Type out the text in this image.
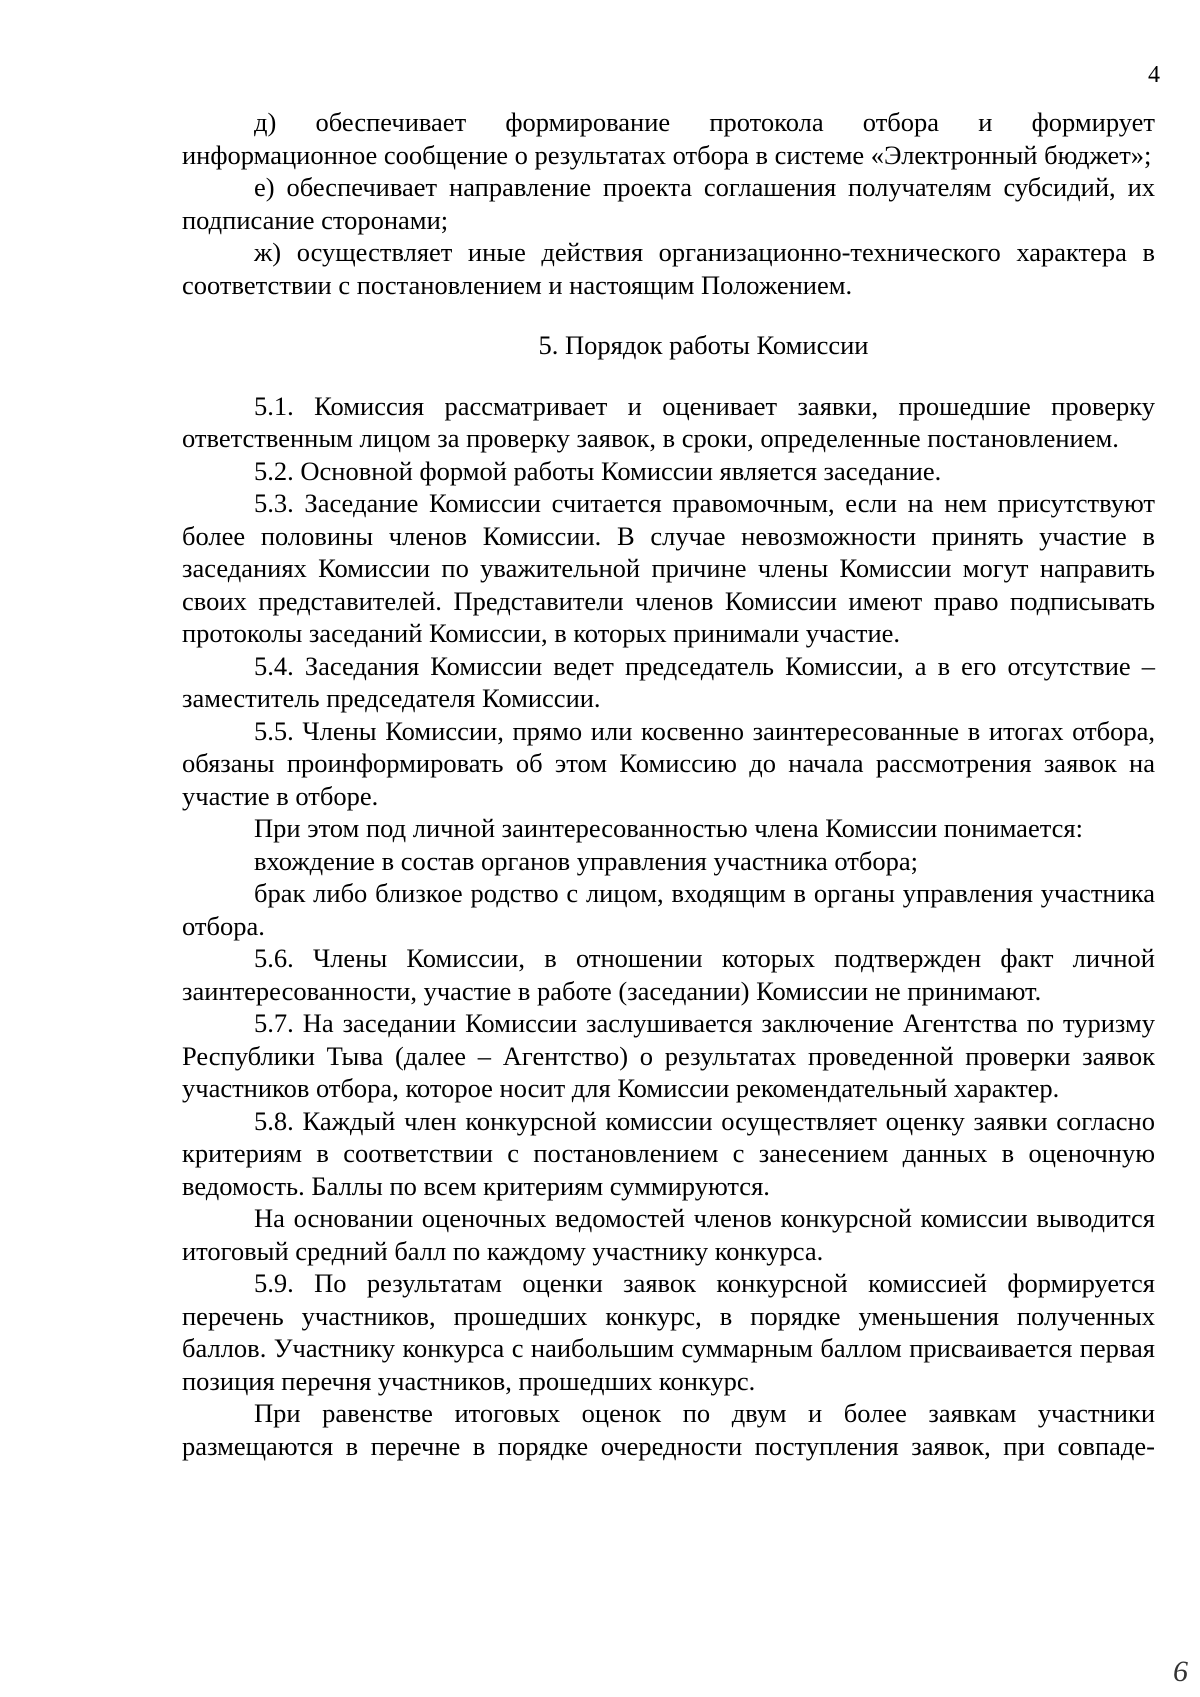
4

д) обеспечивает формирование протокола отбора и формирует информационное сообщение о результатах отбора в системе «Электронный бюджет»;

е) обеспечивает направление проекта соглашения получателям субсидий, их подписание сторонами;

ж) осуществляет иные действия организационно-технического характера в соответствии с постановлением и настоящим Положением.

5. Порядок работы Комиссии

5.1. Комиссия рассматривает и оценивает заявки, прошедшие проверку ответственным лицом за проверку заявок, в сроки, определенные постановлением.

5.2. Основной формой работы Комиссии является заседание.

5.3. Заседание Комиссии считается правомочным, если на нем присутствуют более половины членов Комиссии. В случае невозможности принять участие в заседаниях Комиссии по уважительной причине члены Комиссии могут направить своих представителей. Представители членов Комиссии имеют право подписывать протоколы заседаний Комиссии, в которых принимали участие.

5.4. Заседания Комиссии ведет председатель Комиссии, а в его отсутствие – заместитель председателя Комиссии.

5.5. Члены Комиссии, прямо или косвенно заинтересованные в итогах отбора, обязаны проинформировать об этом Комиссию до начала рассмотрения заявок на участие в отборе.

При этом под личной заинтересованностью члена Комиссии понимается:

вхождение в состав органов управления участника отбора;

брак либо близкое родство с лицом, входящим в органы управления участника отбора.

5.6. Члены Комиссии, в отношении которых подтвержден факт личной заинтересованности, участие в работе (заседании) Комиссии не принимают.

5.7. На заседании Комиссии заслушивается заключение Агентства по туризму Республики Тыва (далее – Агентство) о результатах проведенной проверки заявок участников отбора, которое носит для Комиссии рекомендательный характер.

5.8. Каждый член конкурсной комиссии осуществляет оценку заявки согласно критериям в соответствии с постановлением с занесением данных в оценочную ведомость. Баллы по всем критериям суммируются.

На основании оценочных ведомостей членов конкурсной комиссии выводится итоговый средний балл по каждому участнику конкурса.

5.9. По результатам оценки заявок конкурсной комиссией формируется перечень участников, прошедших конкурс, в порядке уменьшения полученных баллов. Участнику конкурса с наибольшим суммарным баллом присваивается первая позиция перечня участников, прошедших конкурс.

При равенстве итоговых оценок по двум и более заявкам участники размещаются в перечне в порядке очередности поступления заявок, при совпаде-

6
